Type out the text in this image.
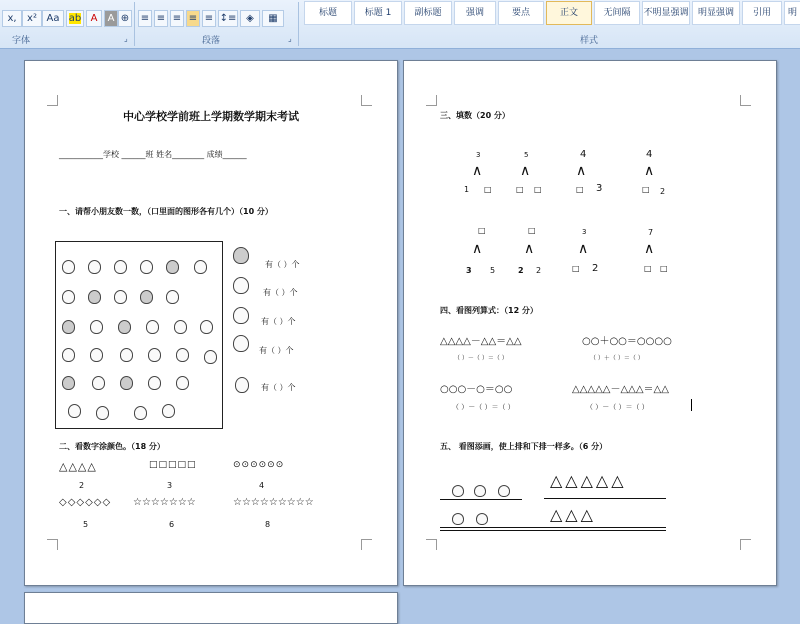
x,	x² Aa ab A	A ⊕
字体	⌟
≡ ≡ ≡ ≡ ≡ ↕≡ ◈	▦
段落	⌟
标题	标题 1	副标题	强调	要点	正文	无间隔	不明显强调	明显强调	引用	明
样式
中心学校学前班上学期数学期末考试
___________学校 ______班 姓名________ 成绩______
一、请帮小朋友数一数，（口里面的图形各有几个）（10 分）
有（ ）个
有（ ）个
有（ ）个
有（ ）个
有（ ）个
二、看数字涂颜色。（18 分）
△△△△
2
□□□□□
3
⊙⊙⊙⊙⊙⊙
4
◇◇◇◇◇◇
5
☆☆☆☆☆☆☆
6
☆☆☆☆☆☆☆☆☆
8
三、填数（20 分）
3
∧
1 □
5
∧
□ □
4
∧
□ 3
4
∧
□ 2
□
∧
3 5
□
∧
2 2
3
∧
□ 2
7
∧
□ □
四、看图列算式：（12 分）
△△△△－△△＝△△
（ ）－（ ）＝（ ）
○○＋○○＝○○○○
（ ）＋（ ）＝（ ）
○○○－○＝○○
（ ）－（ ）＝（ ）
△△△△△－△△△＝△△
（ ）－（ ）＝（ ）
五、 看图添画，使上排和下排一样多。（6 分）
△△△△△
△△△
